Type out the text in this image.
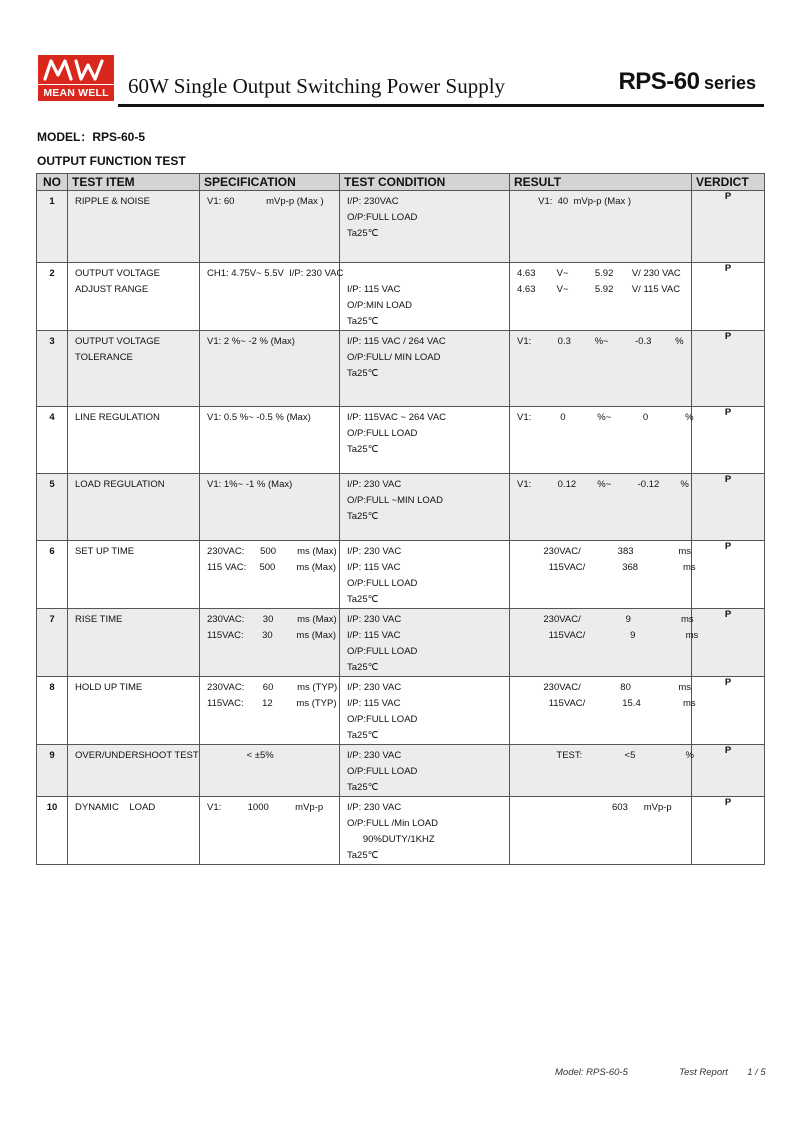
MEAN WELL 60W Single Output Switching Power Supply	RPS-60 series
MODEL：RPS-60-5
OUTPUT FUNCTION TEST
NO	TEST ITEM	SPECIFICATION	TEST CONDITION	RESULT	VERDICT

1	RIPPLE & NOISE	V1: 60            mVp-p (Max )	I/P: 230VAC
O/P:FULL LOAD
Ta25℃	V1:  40  mVp-p (Max )	P

2	OUTPUT VOLTAGE
ADJUST RANGE	CH1: 4.75V~ 5.5V  I/P: 230 VAC	I/P: 115 VAC
O/P:MIN LOAD
Ta25℃	4.63        V~          5.92       V/ 230 VAC
4.63        V~          5.92       V/ 115 VAC	P

3	OUTPUT VOLTAGE
TOLERANCE	V1: 2 %~ -2 % (Max)	I/P: 115 VAC / 264 VAC
O/P:FULL/ MIN LOAD
Ta25℃	V1:          0.3         %~          -0.3         %	P

4	LINE REGULATION	V1: 0.5 %~ -0.5 % (Max)	I/P: 115VAC ~ 264 VAC
O/P:FULL LOAD
Ta25℃	V1:           0            %~            0              %	P

5	LOAD REGULATION	V1: 1%~ -1 % (Max)	I/P: 230 VAC
O/P:FULL ~MIN LOAD
Ta25℃	V1:          0.12        %~          -0.12        %	P

6	SET UP TIME	230VAC:      500        ms (Max)
115 VAC:     500        ms (Max)	I/P: 230 VAC
I/P: 115 VAC
O/P:FULL LOAD
Ta25℃	230VAC/              383                 ms
115VAC/              368                 ms	P

7	RISE TIME	230VAC:       30         ms (Max)
115VAC:       30         ms (Max)	I/P: 230 VAC
I/P: 115 VAC
O/P:FULL LOAD
Ta25℃	230VAC/                 9                   ms
115VAC/                 9                   ms	P

8	HOLD UP TIME	230VAC:       60         ms (TYP)
115VAC:       12         ms (TYP)	I/P: 230 VAC
I/P: 115 VAC
O/P:FULL LOAD
Ta25℃	230VAC/               80                  ms
115VAC/              15.4                ms	P

9	OVER/UNDERSHOOT TEST	< ±5%	I/P: 230 VAC
O/P:FULL LOAD
Ta25℃	TEST:                <5                   %	P

10	DYNAMIC    LOAD	V1:          1000          mVp-p	I/P: 230 VAC
O/P:FULL /Min LOAD
90%DUTY/1KHZ
Ta25℃	603      mVp-p	P
Model: RPS-60-5	Test Report 1 / 5
